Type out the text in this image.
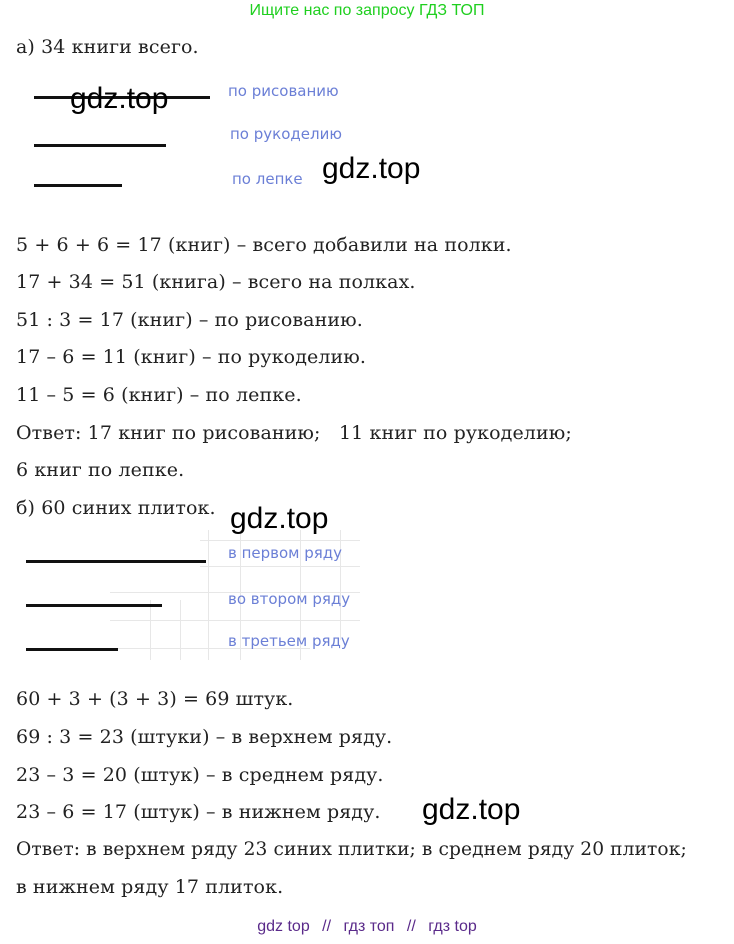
Ищите нас по запросу ГДЗ ТОП
а) 34 книги всего.
по рисованию
по рукоделию
по лепке
gdz.top
gdz.top
5 + 6 + 6 = 17 (книг) – всего добавили на полки.
17 + 34 = 51 (книга) – всего на полках.
51 : 3 = 17 (книг) – по рисованию.
17 – 6 = 11 (книг) – по рукоделию.
11 – 5 = 6 (книг) – по лепке.
Ответ: 17 книг по рисованию;   11 книг по рукоделию;
6 книг по лепке.
б) 60 синих плиток.
в первом ряду
во втором ряду
в третьем ряду
gdz.top
60 + 3 + (3 + 3) = 69 штук.
69 : 3 = 23 (штуки) – в верхнем ряду.
23 – 3 = 20 (штук) – в среднем ряду.
23 – 6 = 17 (штук) – в нижнем ряду.
Ответ: в верхнем ряду 23 синих плитки; в среднем ряду 20 плиток;
в нижнем ряду 17 плиток.
gdz.top
gdz top // гдз топ // гдз top
